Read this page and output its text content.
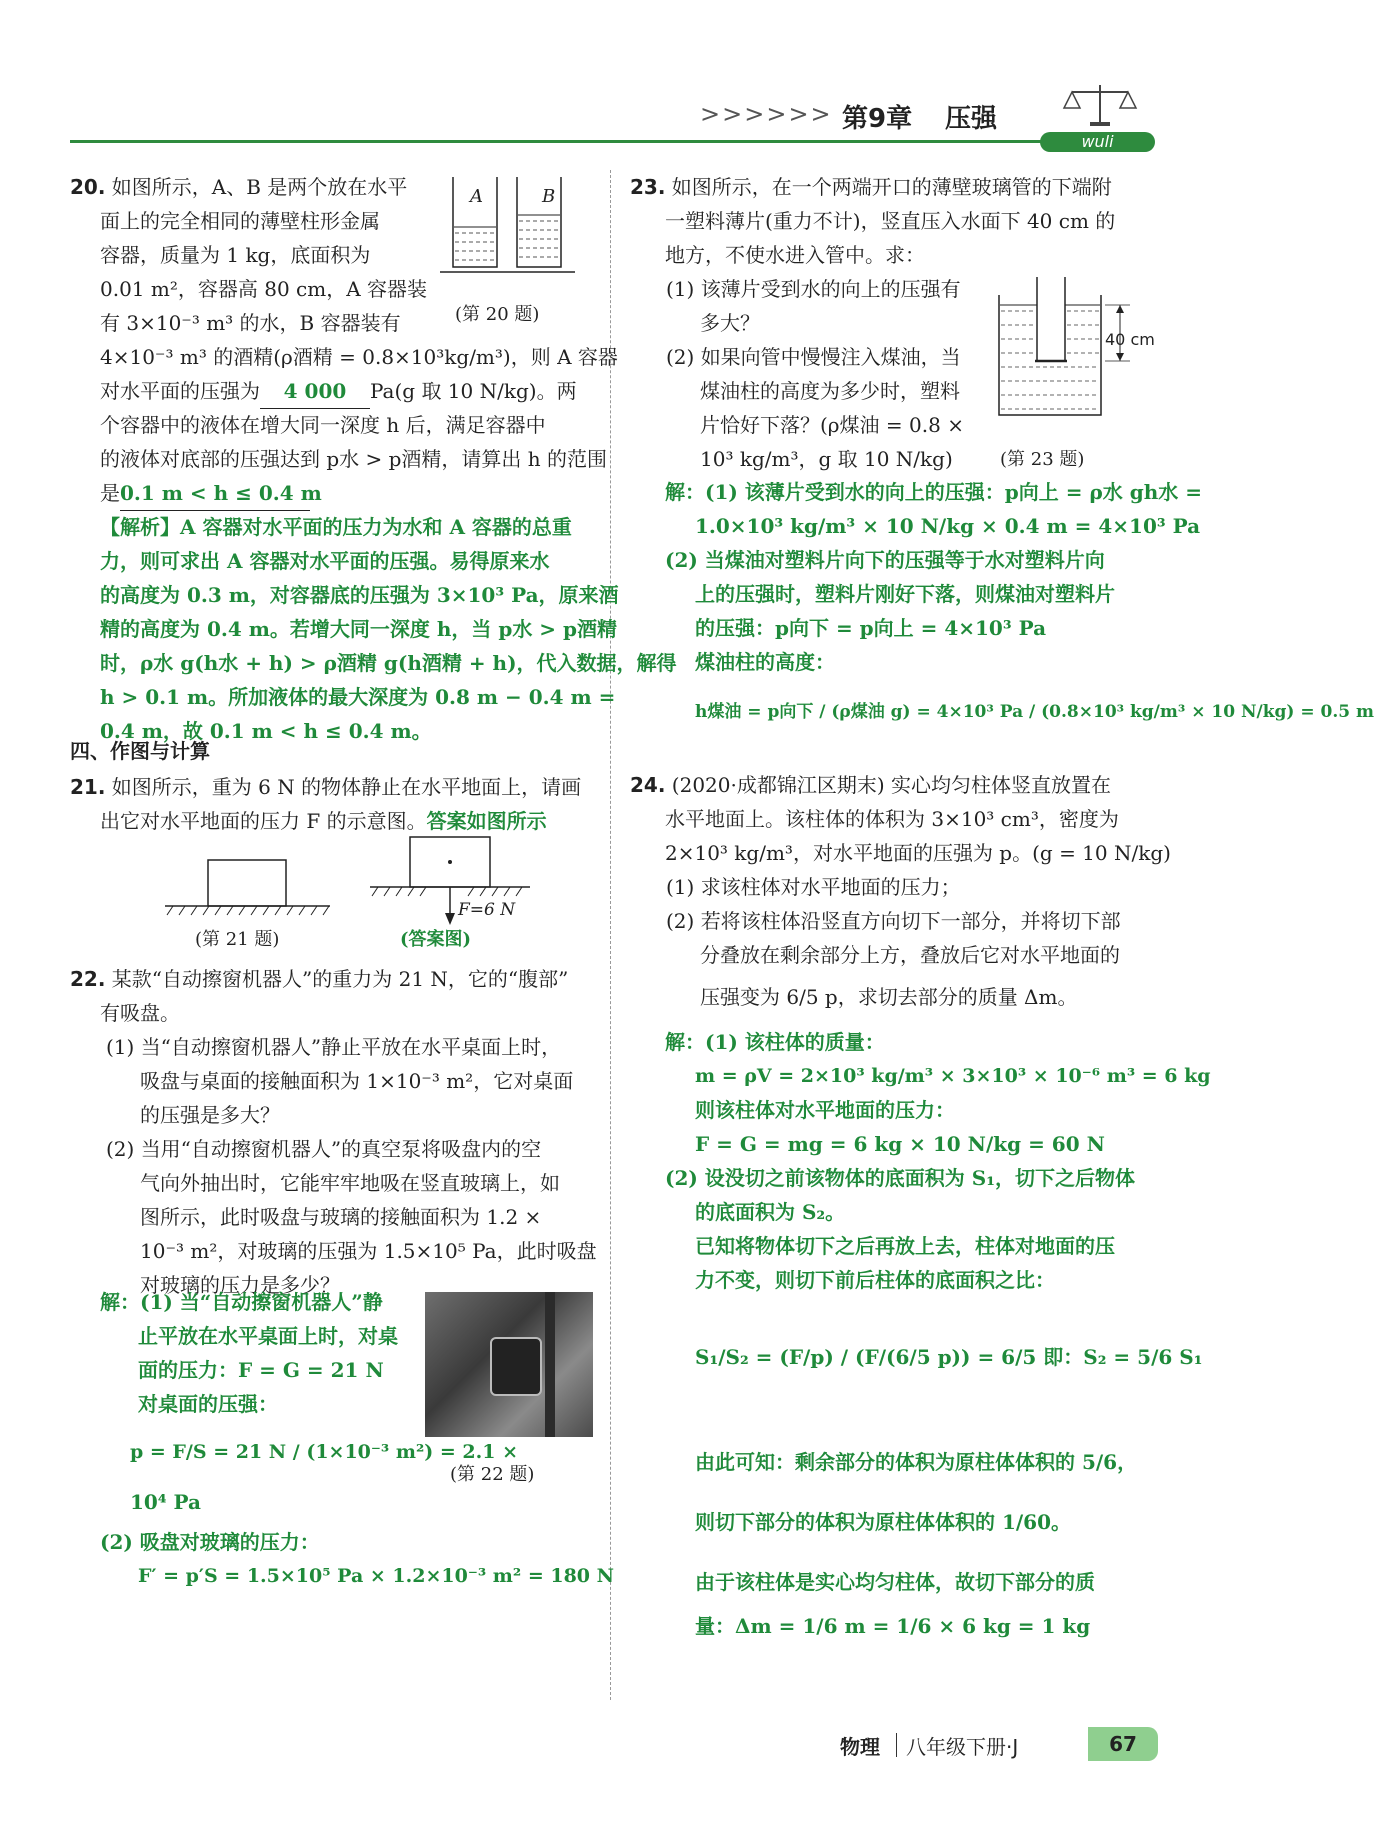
>>>>>> 第9章 压强
wuli
20. 如图所示，A、B 是两个放在水平
面上的完全相同的薄壁柱形金属
容器，质量为 1 kg，底面积为
0.01 m²，容器高 80 cm，A 容器装
有 3×10⁻³ m³ 的水，B 容器装有
4×10⁻³ m³ 的酒精(ρ酒精 = 0.8×10³kg/m³)，则 A 容器
对水平面的压强为 4 000 Pa(g 取 10 N/kg)。两
个容器中的液体在增大同一深度 h 后，满足容器中
的液体对底部的压强达到 p水 > p酒精，请算出 h 的范围
是0.1 m < h ≤ 0.4 m
【解析】A 容器对水平面的压力为水和 A 容器的总重
力，则可求出 A 容器对水平面的压强。易得原来水
的高度为 0.3 m，对容器底的压强为 3×10³ Pa，原来酒
精的高度为 0.4 m。若增大同一深度 h，当 p水 > p酒精
时，ρ水 g(h水 + h) > ρ酒精 g(h酒精 + h)，代入数据，解得
h > 0.1 m。所加液体的最大深度为 0.8 m − 0.4 m =
0.4 m，故 0.1 m < h ≤ 0.4 m。
A	B
(第 20 题)
四、作图与计算
21. 如图所示，重为 6 N 的物体静止在水平地面上，请画
出它对水平地面的压力 F 的示意图。答案如图所示
(第 21 题)
F=6 N
(答案图)
22. 某款“自动擦窗机器人”的重力为 21 N，它的“腹部”
有吸盘。
(1) 当“自动擦窗机器人”静止平放在水平桌面上时，
吸盘与桌面的接触面积为 1×10⁻³ m²，它对桌面
的压强是多大？
(2) 当用“自动擦窗机器人”的真空泵将吸盘内的空
气向外抽出时，它能牢牢地吸在竖直玻璃上，如
图所示，此时吸盘与玻璃的接触面积为 1.2 ×
10⁻³ m²，对玻璃的压强为 1.5×10⁵ Pa，此时吸盘
对玻璃的压力是多少？
解：(1) 当“自动擦窗机器人”静
止平放在水平桌面上时，对桌
面的压力：F = G = 21 N
对桌面的压强：
p = F/S = 21 N / (1×10⁻³ m²) = 2.1 ×
10⁴ Pa
(2) 吸盘对玻璃的压力：
F′ = p′S = 1.5×10⁵ Pa × 1.2×10⁻³ m² = 180 N
(第 22 题)
23. 如图所示，在一个两端开口的薄壁玻璃管的下端附
一塑料薄片(重力不计)，竖直压入水面下 40 cm 的
地方，不使水进入管中。求：
(1) 该薄片受到水的向上的压强有
多大？
(2) 如果向管中慢慢注入煤油，当
煤油柱的高度为多少时，塑料
片恰好下落？(ρ煤油 = 0.8 ×
10³ kg/m³，g 取 10 N/kg)
40 cm
(第 23 题)
解：(1) 该薄片受到水的向上的压强：p向上 = ρ水 gh水 =
1.0×10³ kg/m³ × 10 N/kg × 0.4 m = 4×10³ Pa
(2) 当煤油对塑料片向下的压强等于水对塑料片向
上的压强时，塑料片刚好下落，则煤油对塑料片
的压强：p向下 = p向上 = 4×10³ Pa
煤油柱的高度：
h煤油 = p向下 / (ρ煤油 g) = 4×10³ Pa / (0.8×10³ kg/m³ × 10 N/kg) = 0.5 m
24. (2020·成都锦江区期末) 实心均匀柱体竖直放置在
水平地面上。该柱体的体积为 3×10³ cm³，密度为
2×10³ kg/m³，对水平地面的压强为 p。(g = 10 N/kg)
(1) 求该柱体对水平地面的压力；
(2) 若将该柱体沿竖直方向切下一部分，并将切下部
分叠放在剩余部分上方，叠放后它对水平地面的
压强变为 6/5 p，求切去部分的质量 Δm。
解：(1) 该柱体的质量：
m = ρV = 2×10³ kg/m³ × 3×10³ × 10⁻⁶ m³ = 6 kg
则该柱体对水平地面的压力：
F = G = mg = 6 kg × 10 N/kg = 60 N
(2) 设没切之前该物体的底面积为 S₁，切下之后物体
的底面积为 S₂。
已知将物体切下之后再放上去，柱体对地面的压
力不变，则切下前后柱体的底面积之比：
S₁/S₂ = (F/p) / (F/(6/5 p)) = 6/5 即：S₂ = 5/6 S₁
由此可知：剩余部分的体积为原柱体体积的 5/6，
则切下部分的体积为原柱体体积的 1/60。
由于该柱体是实心均匀柱体，故切下部分的质
量：Δm = 1/6 m = 1/6 × 6 kg = 1 kg
物理 八年级下册·J	67
